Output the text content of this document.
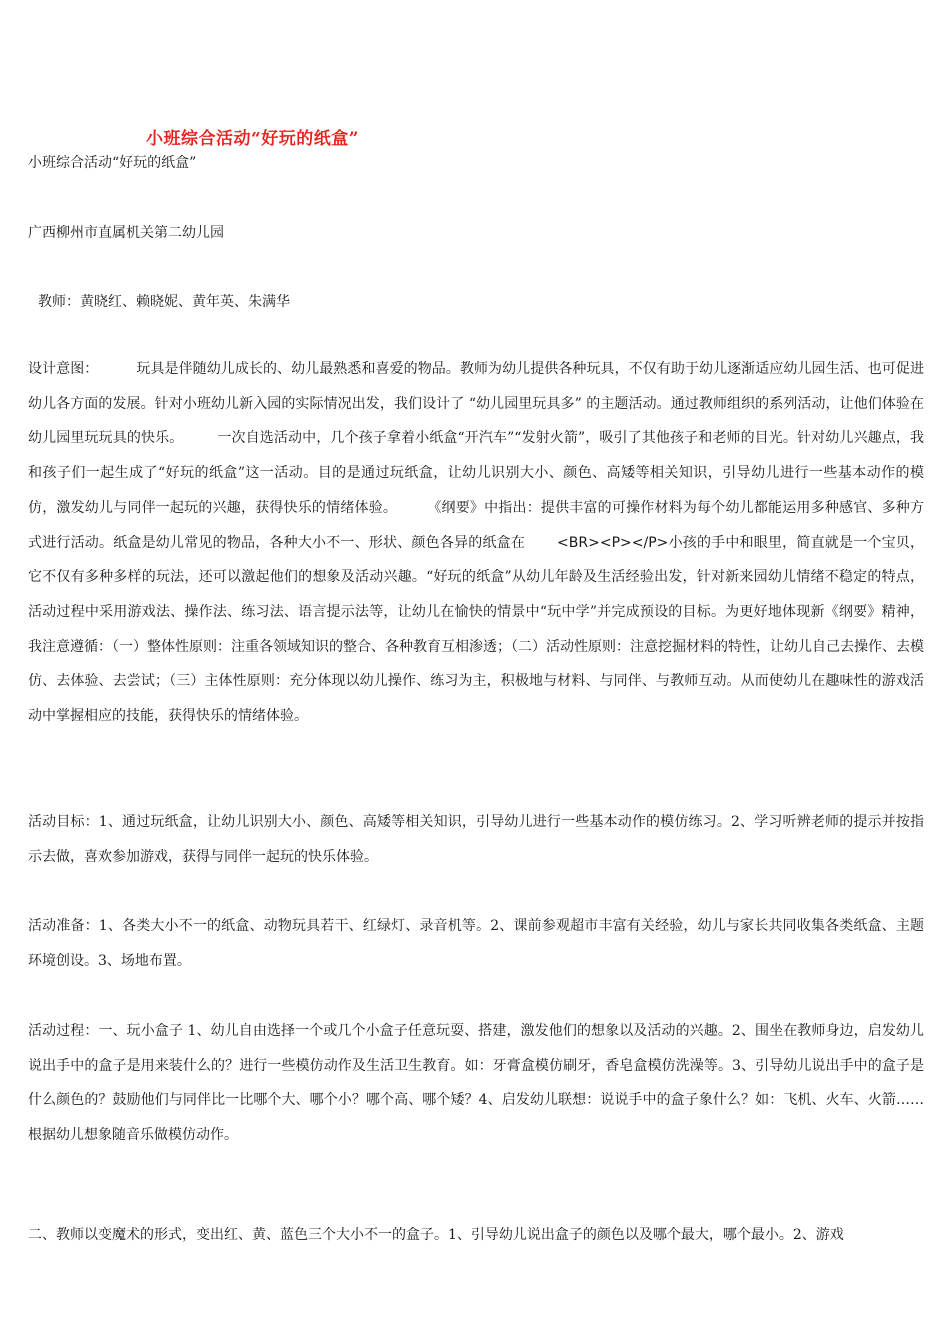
小班综合活动“好玩的纸盒”
小班综合活动“好玩的纸盒”
广西柳州市直属机关第二幼儿园
教师：黄晓红、赖晓妮、黄年英、朱满华
设计意图：	玩具是伴随幼儿成长的、幼儿最熟悉和喜爱的物品。教师为幼儿提供各种玩具，不仅有助于幼儿逐渐适应幼儿园生活、也可促进幼儿各方面的发展。针对小班幼儿新入园的实际情况出发，我们设计了 “幼儿园里玩具多” 的主题活动。通过教师组织的系列活动，让他们体验在幼儿园里玩玩具的快乐。 一次自选活动中，几个孩子拿着小纸盒“开汽车”“发射火箭”，吸引了其他孩子和老师的目光。针对幼儿兴趣点，我和孩子们一起生成了“好玩的纸盒”这一活动。目的是通过玩纸盒，让幼儿识别大小、颜色、高矮等相关知识，引导幼儿进行一些基本动作的模仿，激发幼儿与同伴一起玩的兴趣，获得快乐的情绪体验。 《纲要》中指出：提供丰富的可操作材料为每个幼儿都能运用多种感官、多种方式进行活动。纸盒是幼儿常见的物品，各种大小不一、形状、颜色各异的纸盒在 <BR><P></P>小孩的手中和眼里，简直就是一个宝贝，它不仅有多种多样的玩法，还可以激起他们的想象及活动兴趣。“好玩的纸盒”从幼儿年龄及生活经验出发，针对新来园幼儿情绪不稳定的特点，活动过程中采用游戏法、操作法、练习法、语言提示法等，让幼儿在愉快的情景中“玩中学”并完成预设的目标。为更好地体现新《纲要》精神，我注意遵循：（一）整体性原则：注重各领域知识的整合、各种教育互相渗透；（二）活动性原则：注意挖掘材料的特性，让幼儿自己去操作、去模仿、去体验、去尝试；（三）主体性原则：充分体现以幼儿操作、练习为主，积极地与材料、与同伴、与教师互动。从而使幼儿在趣味性的游戏活动中掌握相应的技能，获得快乐的情绪体验。
活动目标：1、通过玩纸盒，让幼儿识别大小、颜色、高矮等相关知识，引导幼儿进行一些基本动作的模仿练习。2、学习听辨老师的提示并按指示去做，喜欢参加游戏，获得与同伴一起玩的快乐体验。
活动准备：1、各类大小不一的纸盒、动物玩具若干、红绿灯、录音机等。2、课前参观超市丰富有关经验，幼儿与家长共同收集各类纸盒、主题环境创设。3、场地布置。
活动过程：一、玩小盒子 1、幼儿自由选择一个或几个小盒子任意玩耍、搭建，激发他们的想象以及活动的兴趣。2、围坐在教师身边，启发幼儿说出手中的盒子是用来装什么的？进行一些模仿动作及生活卫生教育。如：牙膏盒模仿刷牙，香皂盒模仿洗澡等。3、引导幼儿说出手中的盒子是什么颜色的？鼓励他们与同伴比一比哪个大、哪个小？哪个高、哪个矮？4、启发幼儿联想：说说手中的盒子象什么？如：飞机、火车、火箭……根据幼儿想象随音乐做模仿动作。
二、教师以变魔术的形式，变出红、黄、蓝色三个大小不一的盒子。1、引导幼儿说出盒子的颜色以及哪个最大，哪个最小。2、游戏
